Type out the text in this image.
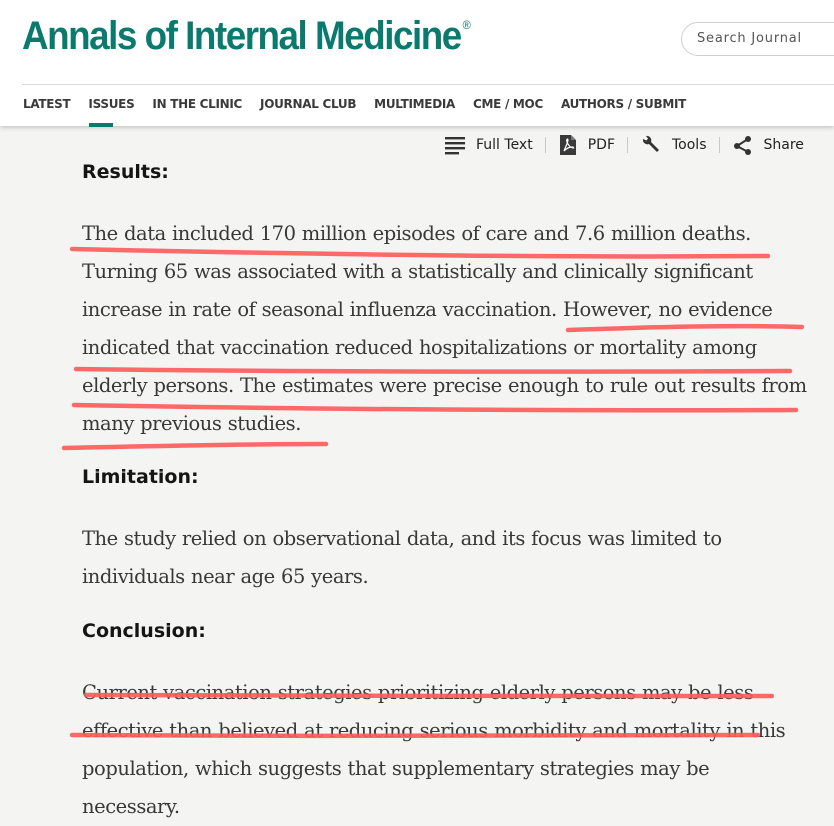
Annals of Internal Medicine ®
Search Journal
LATEST	ISSUES	IN THE CLINIC	JOURNAL CLUB	MULTIMEDIA	CME / MOC	AUTHORS / SUBMIT
Full Text	PDF	Tools	Share
Results:

The data included 170 million episodes of care and 7.6 million deaths.
Turning 65 was associated with a statistically and clinically significant
increase in rate of seasonal influenza vaccination. However, no evidence
indicated that vaccination reduced hospitalizations or mortality among
elderly persons. The estimates were precise enough to rule out results from
many previous studies.

Limitation:

The study relied on observational data, and its focus was limited to
individuals near age 65 years.

Conclusion:

Current vaccination strategies prioritizing elderly persons may be less
effective than believed at reducing serious morbidity and mortality in this
population, which suggests that supplementary strategies may be
necessary.
